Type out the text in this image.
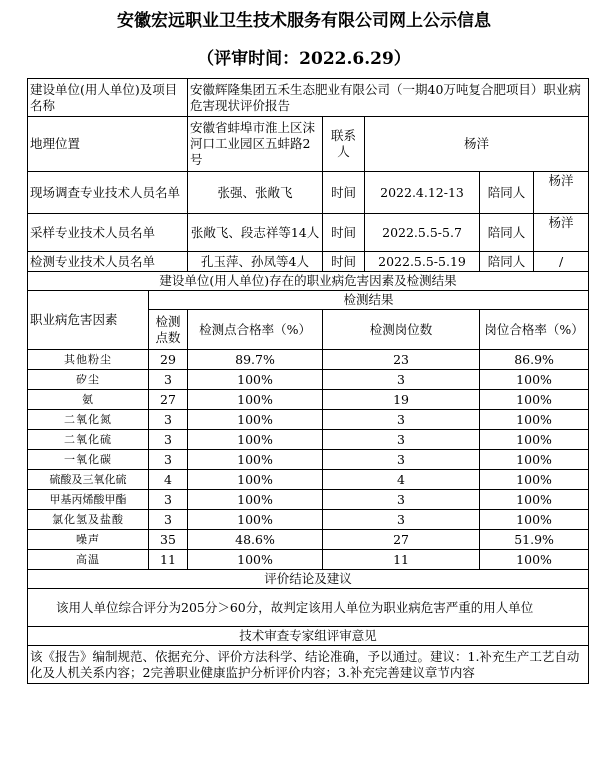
安徽宏远职业卫生技术服务有限公司网上公示信息
（评审时间：2022.6.29）
建设单位(用人单位)及项目名称		安徽辉隆集团五禾生态肥业有限公司（一期40万吨复合肥项目）职业病危害现状评价报告				
地理位置		安徽省蚌埠市淮上区沫河口工业园区五蚌路2号	联系人	杨洋		
现场调查专业技术人员名单		张强、张敞飞	时间	2022.4.12-13	陪同人	杨洋
采样专业技术人员名单		张敞飞、段志祥等14人	时间	2022.5.5-5.7	陪同人	杨洋
检测专业技术人员名单		孔玉萍、孙凤等4人	时间	2022.5.5-5.19	陪同人	/
建设单位(用人单位)存在的职业病危害因素及检测结果						
职业病危害因素	检测结果					
	检测点数	检测点合格率（%）	检测岗位数		岗位合格率（%）	
其他粉尘	29	89.7%	23		86.9%	
矽尘	3	100%	3		100%	
氨	27	100%	19		100%	
二氧化氮	3	100%	3		100%	
二氧化硫	3	100%	3		100%	
一氧化碳	3	100%	3		100%	
硫酸及三氧化硫	4	100%	4		100%	
甲基丙烯酸甲酯	3	100%	3		100%	
氯化氢及盐酸	3	100%	3		100%	
噪声	35	48.6%	27		51.9%	
高温	11	100%	11		100%	
评价结论及建议						
该用人单位综合评分为205分＞60分，故判定该用人单位为职业病危害严重的用人单位						
技术审查专家组评审意见						
该《报告》编制规范、依据充分、评价方法科学、结论准确，予以通过。建议：1.补充生产工艺自动化及人机关系内容；2完善职业健康监护分析评价内容；3.补充完善建议章节内容						
